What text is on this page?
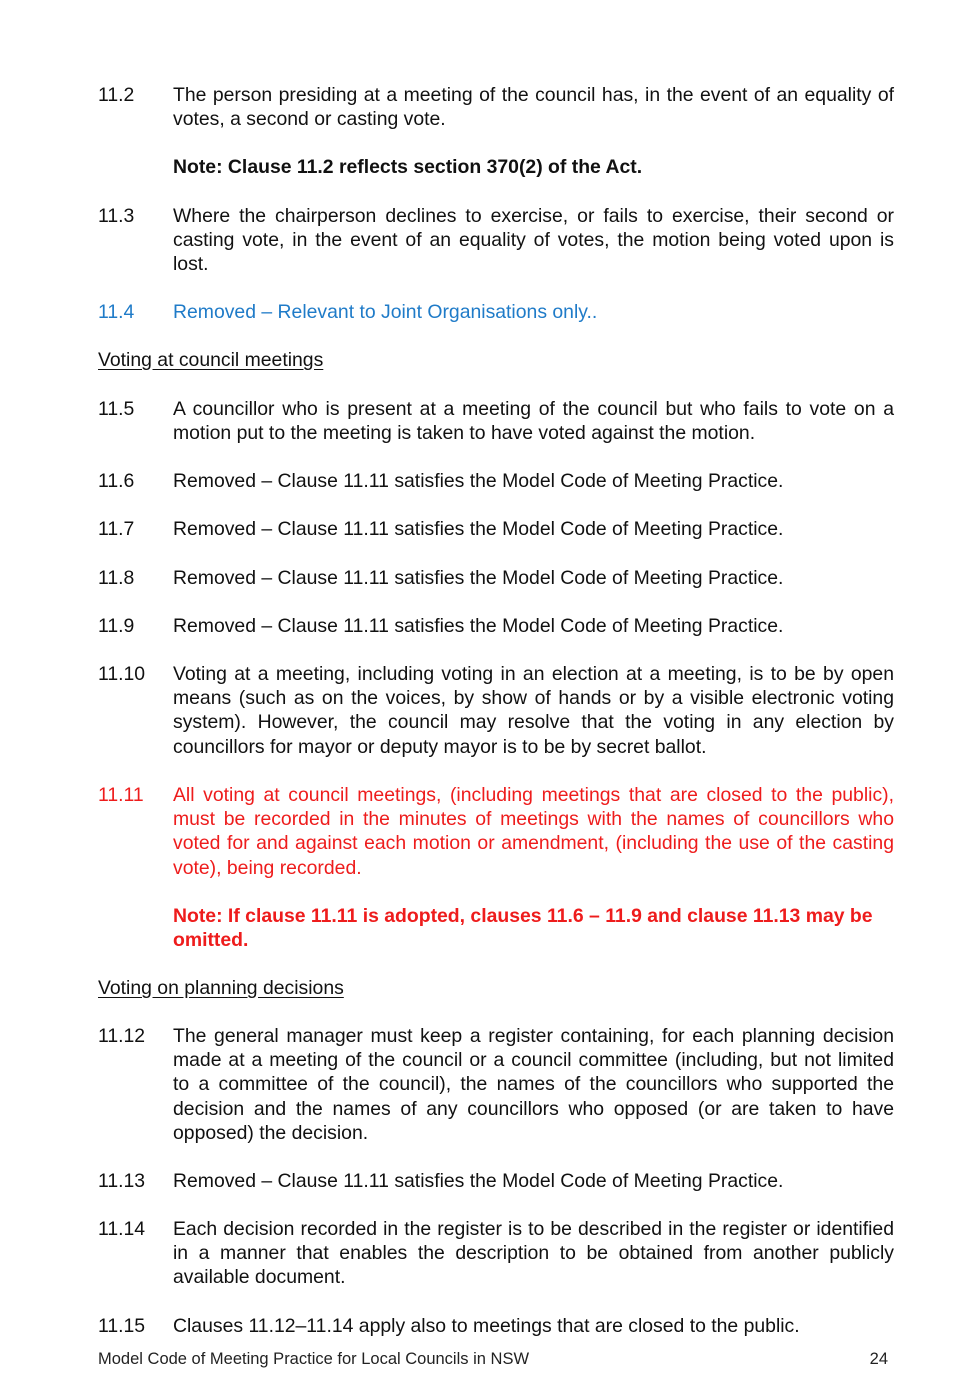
11.2	The person presiding at a meeting of the council has, in the event of an equality of votes, a second or casting vote.
Note: Clause 11.2 reflects section 370(2) of the Act.
11.3	Where the chairperson declines to exercise, or fails to exercise, their second or casting vote, in the event of an equality of votes, the motion being voted upon is lost.
11.4	Removed – Relevant to Joint Organisations only..
Voting at council meetings
11.5	A councillor who is present at a meeting of the council but who fails to vote on a motion put to the meeting is taken to have voted against the motion.
11.6	Removed – Clause 11.11 satisfies the Model Code of Meeting Practice.
11.7	Removed – Clause 11.11 satisfies the Model Code of Meeting Practice.
11.8	Removed – Clause 11.11 satisfies the Model Code of Meeting Practice.
11.9	Removed – Clause 11.11 satisfies the Model Code of Meeting Practice.
11.10	Voting at a meeting, including voting in an election at a meeting, is to be by open means (such as on the voices, by show of hands or by a visible electronic voting system). However, the council may resolve that the voting in any election by councillors for mayor or deputy mayor is to be by secret ballot.
11.11	All voting at council meetings, (including meetings that are closed to the public), must be recorded in the minutes of meetings with the names of councillors who voted for and against each motion or amendment, (including the use of the casting vote), being recorded.
Note: If clause 11.11 is adopted, clauses 11.6 – 11.9 and clause 11.13 may be omitted.
Voting on planning decisions
11.12	The general manager must keep a register containing, for each planning decision made at a meeting of the council or a council committee (including, but not limited to a committee of the council), the names of the councillors who supported the decision and the names of any councillors who opposed (or are taken to have opposed) the decision.
11.13	Removed – Clause 11.11 satisfies the Model Code of Meeting Practice.
11.14	Each decision recorded in the register is to be described in the register or identified in a manner that enables the description to be obtained from another publicly available document.
11.15	Clauses 11.12–11.14 apply also to meetings that are closed to the public.
Model Code of Meeting Practice for Local Councils in NSW	24
